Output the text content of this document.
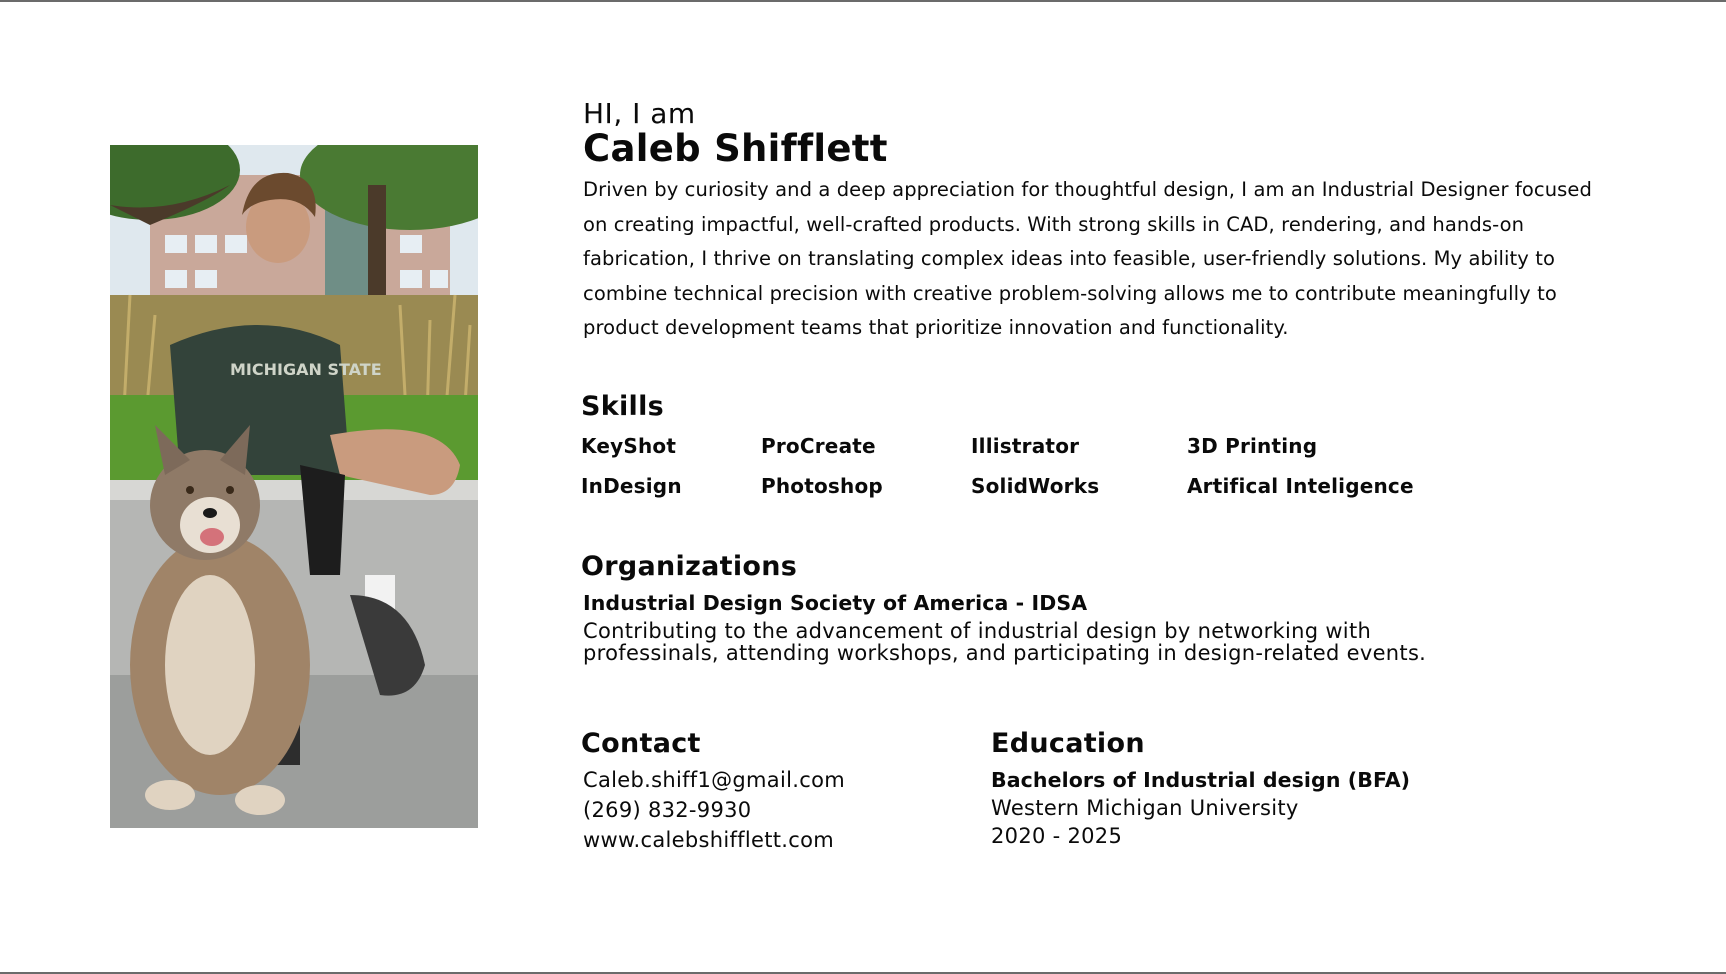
MICHIGAN STATE
HI, I am
Caleb Shifflett
Driven by curiosity and a deep appreciation for thoughtful design, I am an Industrial Designer focused on creating impactful, well-crafted products. With strong skills in CAD, rendering, and hands-on fabrication, I thrive on translating complex ideas into feasible, user-friendly solutions. My ability to combine technical precision with creative problem-solving allows me to contribute meaningfully to product development teams that prioritize innovation and functionality.
Skills
KeyShot	ProCreate	Illistrator	3D Printing
InDesign	Photoshop	SolidWorks	Artifical Inteligence
Organizations
Industrial Design Society of America - IDSA
Contributing to the advancement of industrial design by networking with professinals, attending workshops, and participating in design-related events.
Contact
Caleb.shiff1@gmail.com
(269) 832-9930
www.calebshifflett.com
Education
Bachelors of Industrial design (BFA)
Western Michigan University
2020 - 2025
